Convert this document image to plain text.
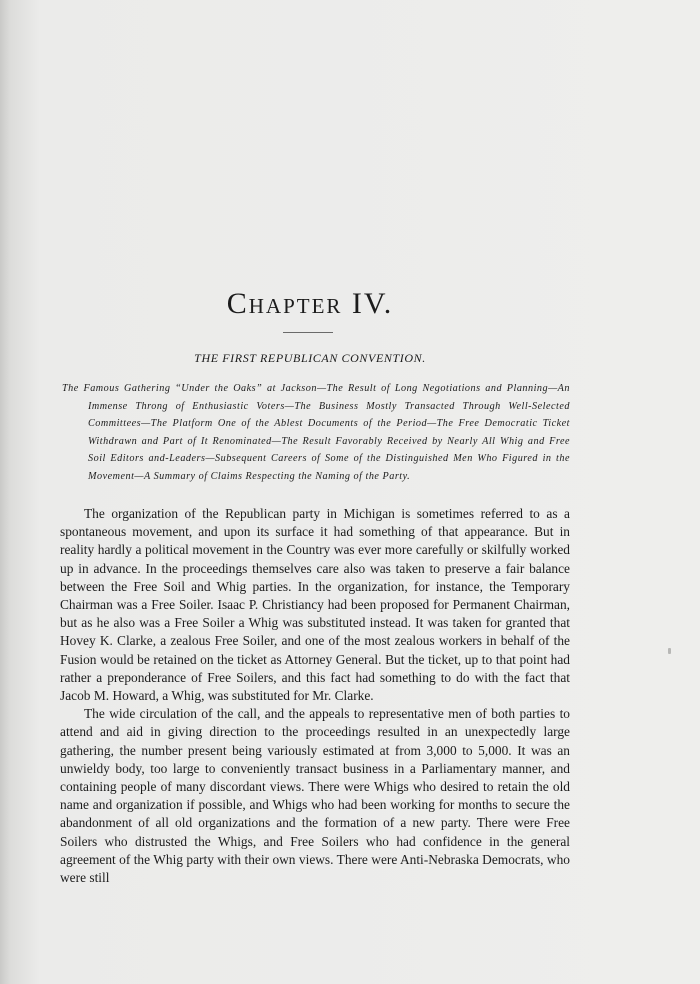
Chapter IV.
THE FIRST REPUBLICAN CONVENTION.

The Famous Gathering “Under the Oaks” at Jackson—The Result of Long Negotiations and Planning—An Immense Throng of Enthusiastic Voters—The Business Mostly Transacted Through Well-Selected Committees—The Platform One of the Ablest Documents of the Period—The Free Democratic Ticket Withdrawn and Part of It Renominated—The Result Favorably Received by Nearly All Whig and Free Soil Editors and-Leaders—Subsequent Careers of Some of the Distinguished Men Who Figured in the Movement—A Summary of Claims Respecting the Naming of the Party.

The organization of the Republican party in Michigan is sometimes referred to as a spontaneous movement, and upon its surface it had something of that appearance. But in reality hardly a political movement in the Country was ever more carefully or skilfully worked up in advance. In the proceedings themselves care also was taken to preserve a fair balance between the Free Soil and Whig parties. In the organization, for instance, the Temporary Chairman was a Free Soiler. Isaac P. Christiancy had been proposed for Permanent Chairman, but as he also was a Free Soiler a Whig was substituted instead. It was taken for granted that Hovey K. Clarke, a zealous Free Soiler, and one of the most zealous workers in behalf of the Fusion would be retained on the ticket as Attorney General. But the ticket, up to that point had rather a preponderance of Free Soilers, and this fact had something to do with the fact that Jacob M. Howard, a Whig, was substituted for Mr. Clarke.

The wide circulation of the call, and the appeals to representative men of both parties to attend and aid in giving direction to the proceedings resulted in an unexpectedly large gathering, the number present being variously estimated at from 3,000 to 5,000. It was an unwieldy body, too large to conveniently transact business in a Parliamentary manner, and containing people of many discordant views. There were Whigs who desired to retain the old name and organization if possible, and Whigs who had been working for months to secure the abandonment of all old organizations and the formation of a new party. There were Free Soilers who distrusted the Whigs, and Free Soilers who had confidence in the general agreement of the Whig party with their own views. There were Anti-Nebraska Democrats, who were still
